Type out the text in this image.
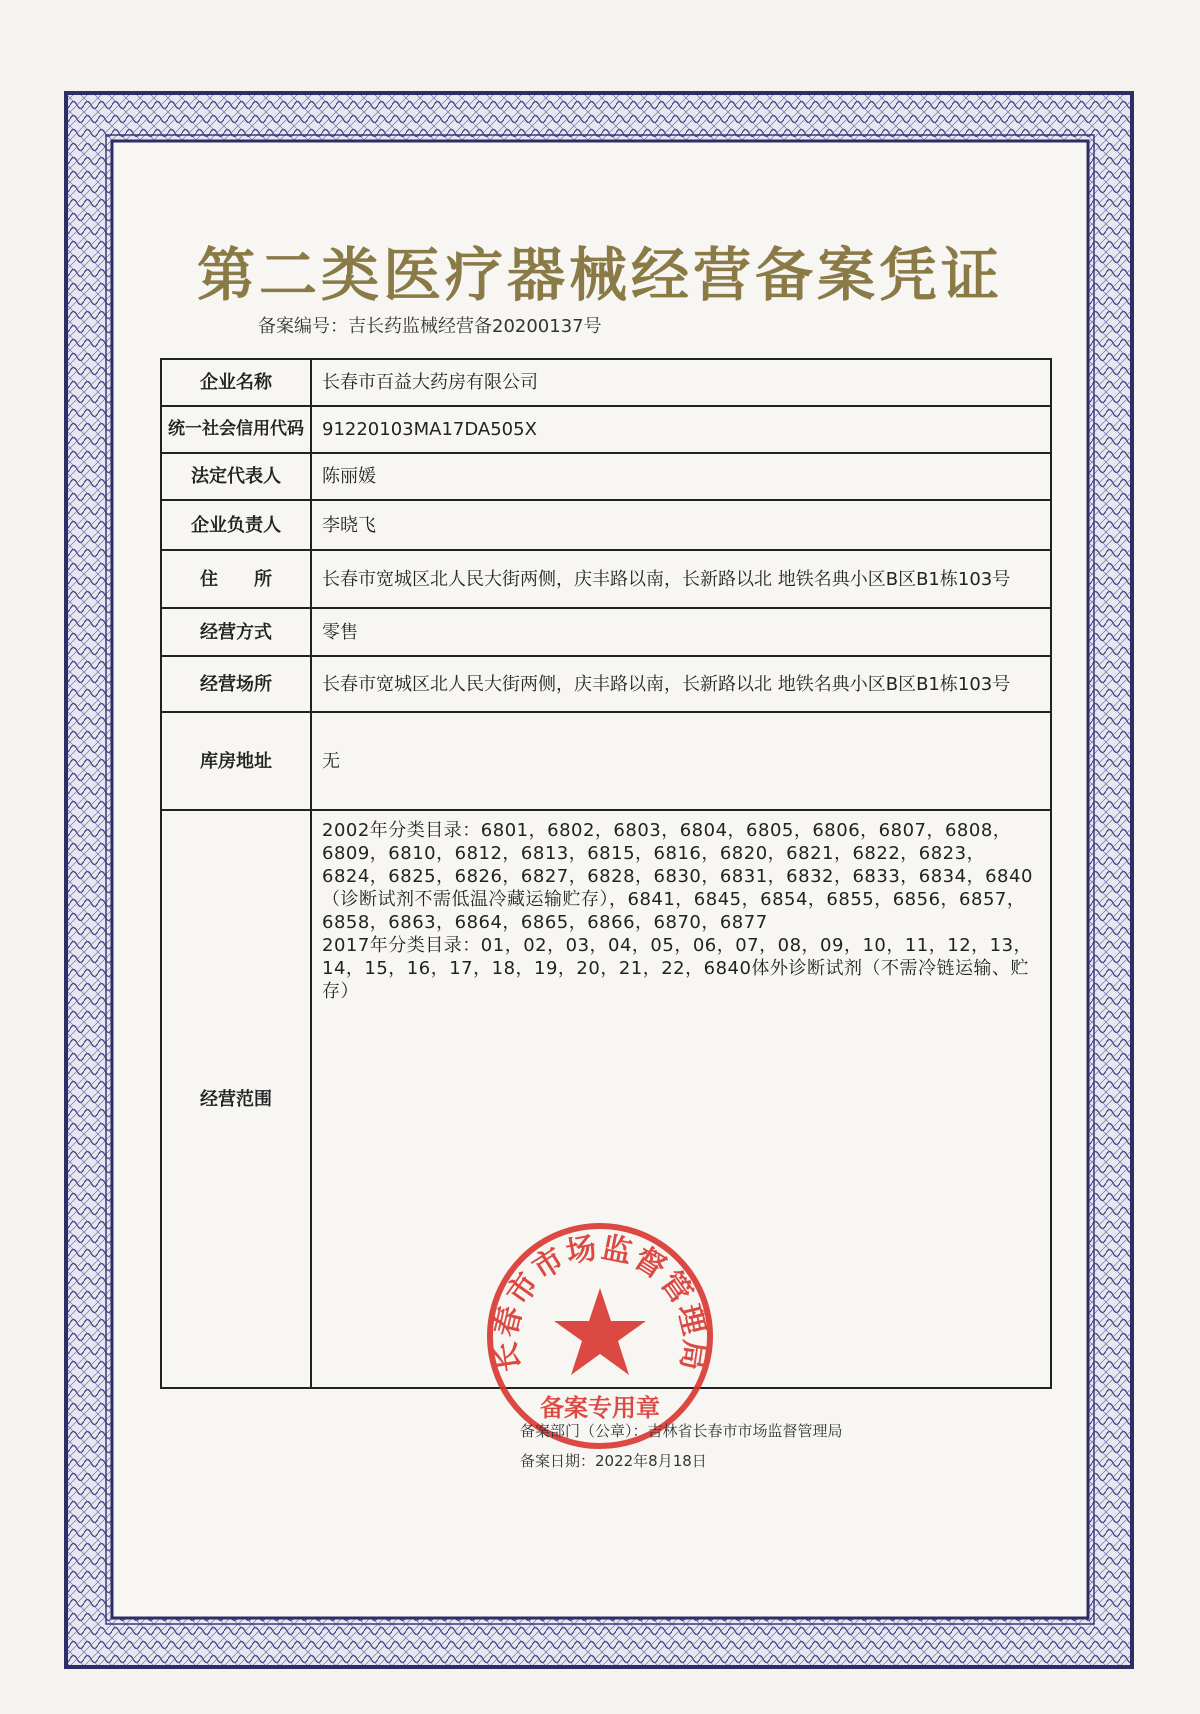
第二类医疗器械经营备案凭证
备案编号：吉长药监械经营备20200137号
企业名称	长春市百益大药房有限公司
统一社会信用代码	91220103MA17DA505X
法定代表人	陈丽媛
企业负责人	李晓飞
住　　所	长春市宽城区北人民大街两侧，庆丰路以南，长新路以北 地铁名典小区B区B1栋103号
经营方式	零售
经营场所	长春市宽城区北人民大街两侧，庆丰路以南，长新路以北 地铁名典小区B区B1栋103号
库房地址	无
经营范围	2002年分类目录：6801，6802，6803，6804，6805，6806，6807，6808，6809，6810，6812，6813，6815，6816，6820，6821，6822，6823，6824，6825，6826，6827，6828，6830，6831，6832，6833，6834，6840（诊断试剂不需低温冷藏运输贮存），6841，6845，6854，6855，6856，6857，6858，6863，6864，6865，6866，6870，6877
2017年分类目录：01，02，03，04，05，06，07，08，09，10，11，12，13，14，15，16，17，18，19，20，21，22，6840体外诊断试剂（不需冷链运输、贮存）
长春市市场监督管理局
备案专用章
备案部门（公章）：吉林省长春市市场监督管理局
备案日期：2022年8月18日
